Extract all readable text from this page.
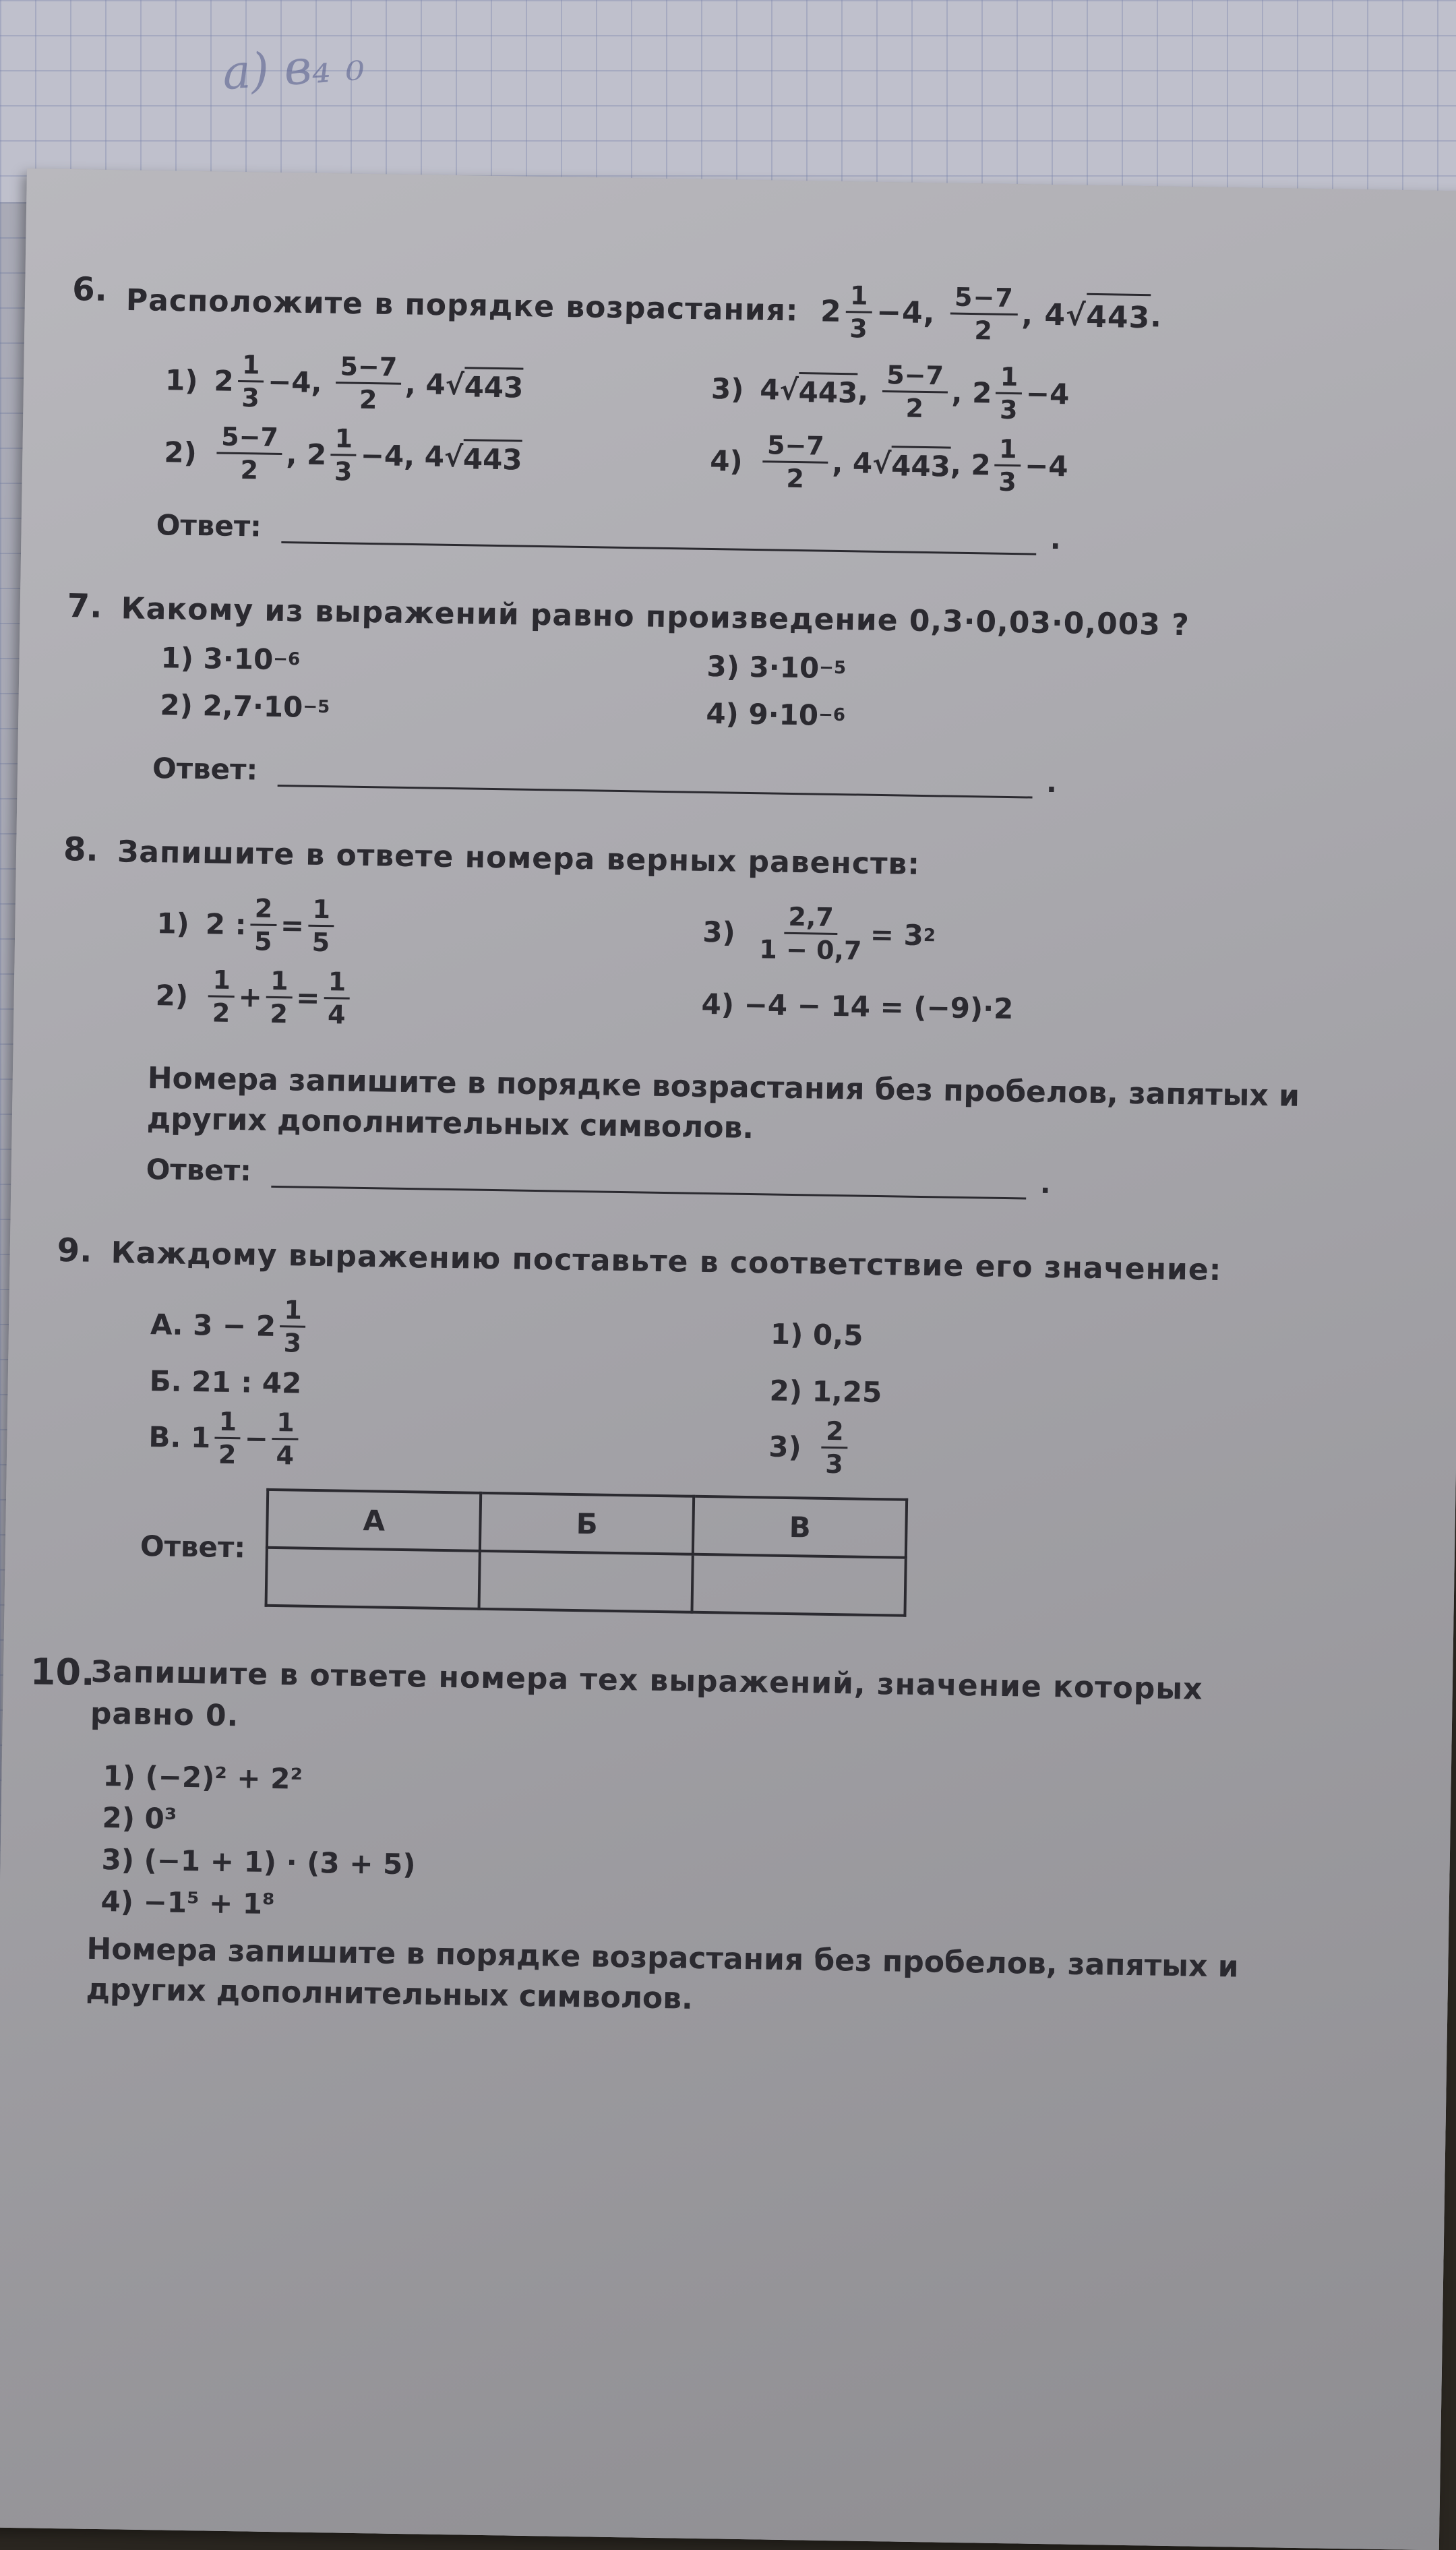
а) в₄ ₀
6. Расположите в порядке возрастания:  $2 \frac{1}{3} -4$, $\frac{5-7}{2}$ , 4 √ 443 .
1) $2 \frac{1}{3} -4$, $\frac{5-7}{2}$ , 4 √ 443	3) 4 √ 443 , $\frac{5-7}{2}$ , $2 \frac{1}{3} -4$
$2) \frac{5-7}{2}$ , $2 \frac{1}{3} -4$, 4 √ 443	$4) \frac{5-7}{2}$ , 4 √ 443 , $2 \frac{1}{3} -4$
Ответ:	.
7. Какому из выражений равно произведение 0,3·0,03·0,003 ?
1) 3·10 −6	3) 3·10 −5
2) 2,7·10 −5	4) 9·10 −6
Ответ:	.
8. Запишите в ответе номера верных равенств:
1) 2 : $\frac{2}{5} = \frac{1}{5}$	$3) \frac{2,7}{1 - 0,7} = 3$ 2
$2) \frac{1}{2} + \frac{1}{2} = \frac{1}{4}$	4) −4 − 14 = (−9)·2
Номера запишите в порядке возрастания без пробелов, запятых и других дополнительных символов.
Ответ:	.
9. Каждому выражению поставьте в соответствие его значение:
А. $3 - 2 \frac{1}{3}$	1) 0,5
Б. 21 : 42	2) 1,25
В. $1 \frac{1}{2} - \frac{1}{4}$	$3) \frac{2}{3}$
Ответ:
А	Б	В

10.
Запишите в ответе номера тех выражений, значение которых равно 0.
1) (−2)² + 2²
2) 0³
3) (−1 + 1) · (3 + 5)
4) −1⁵ + 1⁸
Номера запишите в порядке возрастания без пробелов, запятых и других дополнительных символов.
